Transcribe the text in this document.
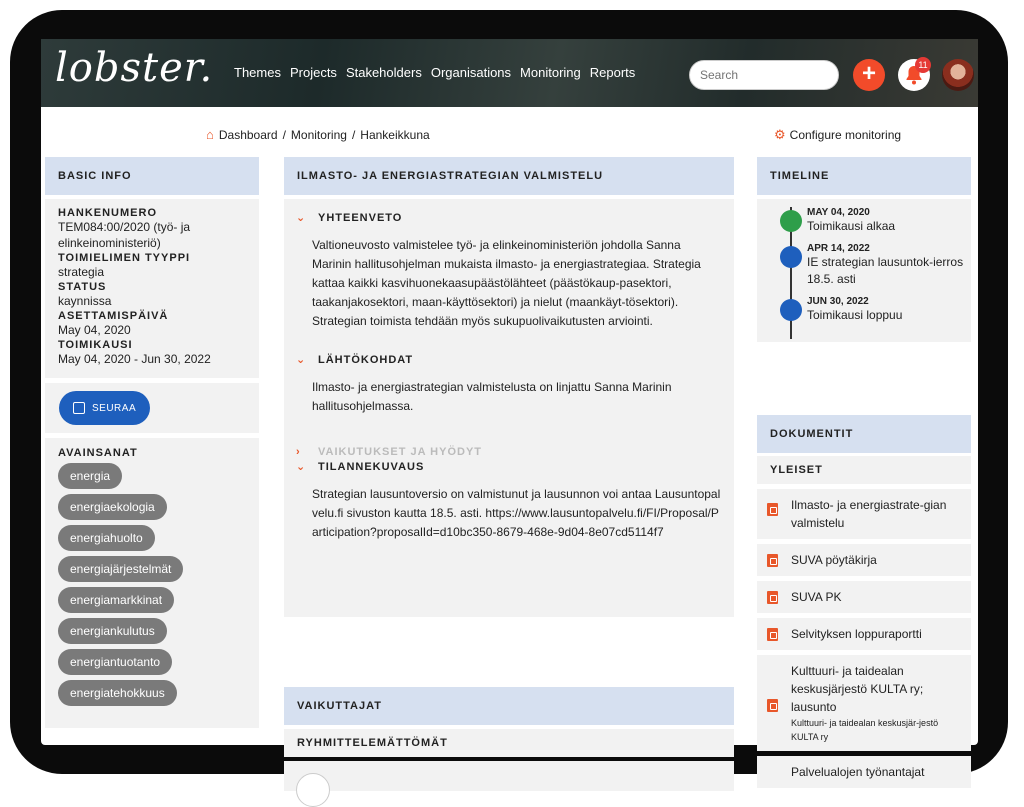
lobster. Themes Projects Stakeholders Organisations Monitoring Reports
Search	+	11
⌂ Dashboard / Monitoring / Hankeikkuna	⚙ Configure monitoring
BASIC INFO
HANKENUMERO
TEM084:00/2020 (työ- ja elinkeinoministeriö)
TOIMIELIMEN TYYPPI
strategia
STATUS
kaynnissa
ASETTAMISPÄIVÄ
May 04, 2020
TOIMIKAUSI
May 04, 2020 - Jun 30, 2022
SEURAA
AVAINSANAT
energia
energiaekologia
energiahuolto
energiajärjestelmät
energiamarkkinat
energiankulutus
energiantuotanto
energiatehokkuus
ILMASTO- JA ENERGIASTRATEGIAN VALMISTELU
⌄ YHTEENVETO
Valtioneuvosto valmistelee työ- ja elinkeinoministeriön johdolla Sanna Marinin hallitusohjelman mukaista ilmasto- ja energiastrategiaa. Strategia kattaa kaikki kasvihuonekaasupäästölähteet (päästökaup-pasektori, taakanjakosektori, maan-käyttösektori) ja nielut (maankäyt-tösektori). Strategian toimista tehdään myös sukupuolivaikutusten arviointi.
⌄ LÄHTÖKOHDAT
Ilmasto- ja energiastrategian valmistelusta on linjattu Sanna Marinin hallitusohjelmassa.
›	VAIKUTUKSET JA HYÖDYT
⌄ TILANNEKUVAUS
Strategian lausuntoversio on valmistunut ja lausunnon voi antaa Lausuntopalvelu.fi sivuston kautta 18.5. asti. https://www.lausuntopalvelu.fi/FI/Proposal/Participation?proposalId=d10bc350-8679-468e-9d04-8e07cd5114f7
VAIKUTTAJAT
RYHMITTELEMÄTTÖMÄT
TIMELINE
MAY 04, 2020
Toimikausi alkaa
APR 14, 2022
IE strategian lausuntok-ierros 18.5. asti
JUN 30, 2022
Toimikausi loppuu
DOKUMENTIT
YLEISET
Ilmasto- ja energiastrate-gian valmistelu
SUVA pöytäkirja
SUVA PK
Selvityksen loppuraportti
Kulttuuri- ja taidealan keskusjärjestö KULTA ry; lausunto
Kulttuuri- ja taidealan keskusjär-jestö KULTA ry
Palvelualojen työnantajat
